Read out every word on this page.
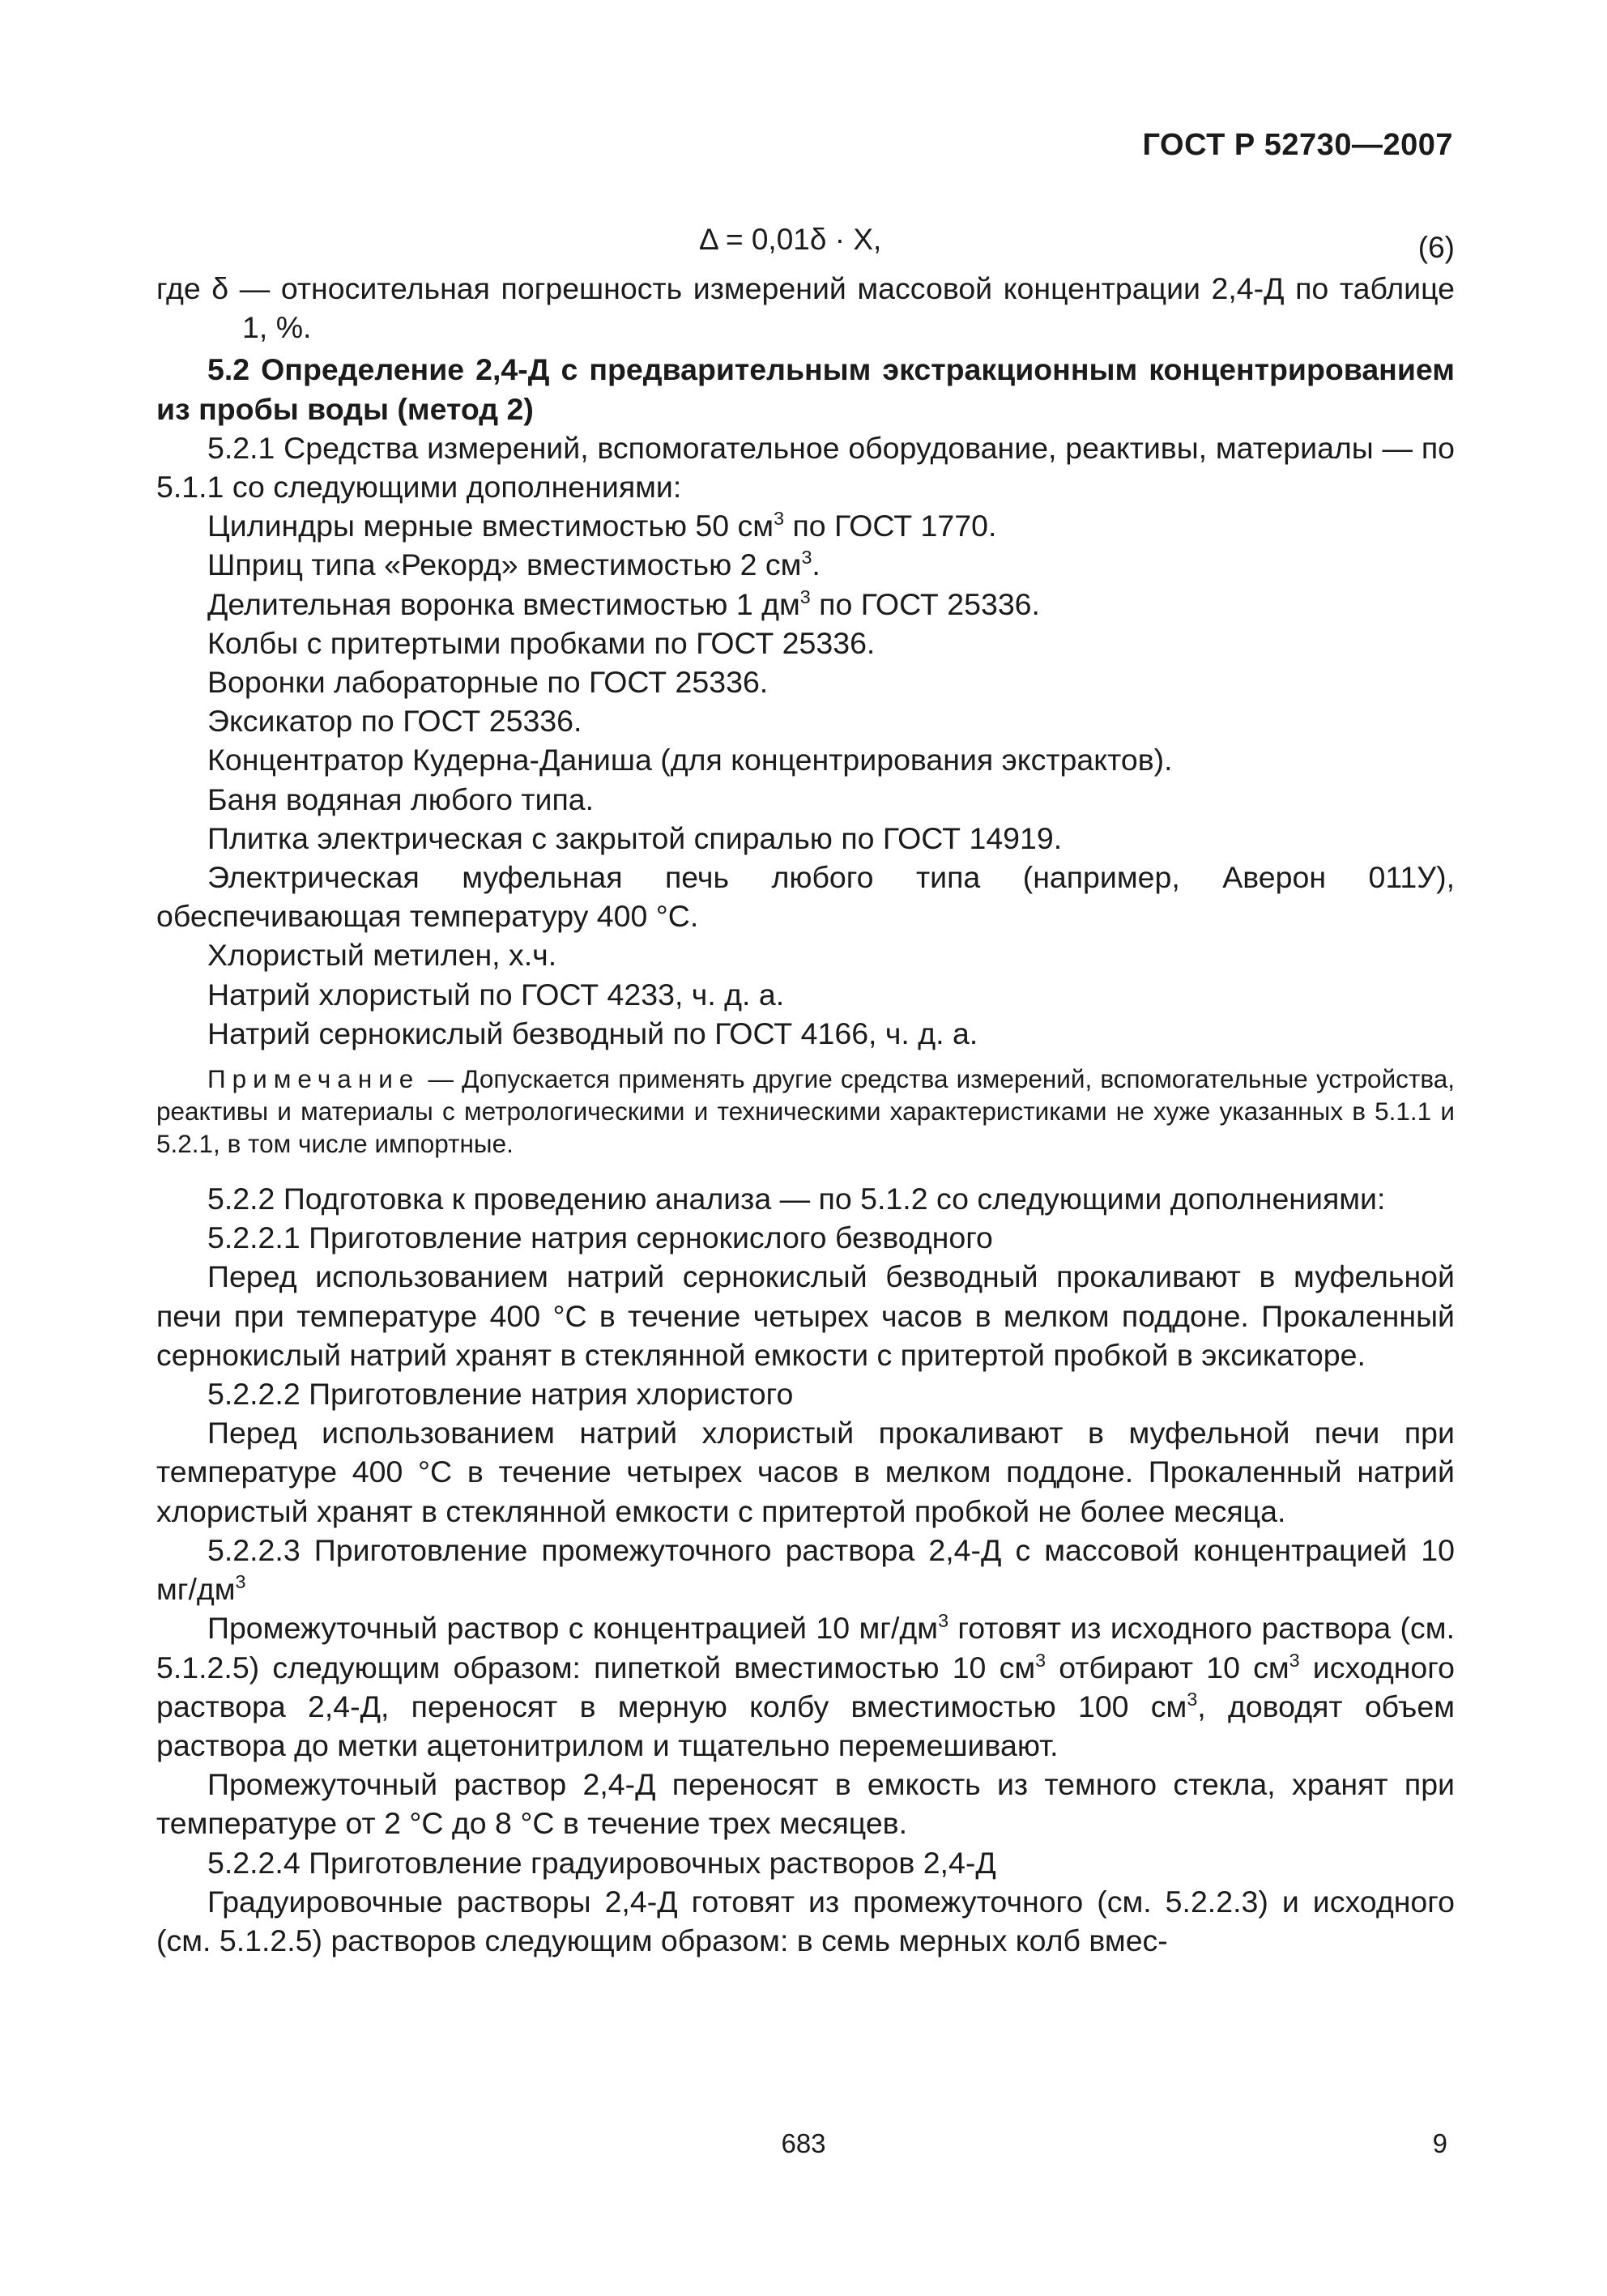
ГОСТ Р 52730—2007
Δ = 0,01δ · X,	(6)

где δ — относительная погрешность измерений массовой концентрации 2,4-Д по таблице 1, %.

5.2 Определение 2,4-Д с предварительным экстракционным концентрированием из пробы воды (метод 2)

5.2.1 Средства измерений, вспомогательное оборудование, реактивы, материалы — по 5.1.1 со следующими дополнениями:

Цилиндры мерные вместимостью 50 $см^3$ по ГОСТ 1770.

Шприц типа «Рекорд» вместимостью 2 $см^3$.

Делительная воронка вместимостью 1 $дм^3$ по ГОСТ 25336.

Колбы с притертыми пробками по ГОСТ 25336.

Воронки лабораторные по ГОСТ 25336.

Эксикатор по ГОСТ 25336.

Концентратор Кудерна-Даниша (для концентрирования экстрактов).

Баня водяная любого типа.

Плитка электрическая с закрытой спиралью по ГОСТ 14919.

Электрическая муфельная печь любого типа (например, Аверон 011У), обеспечивающая температуру 400 °С.

Хлористый метилен, х.ч.

Натрий хлористый по ГОСТ 4233, ч. д. а.

Натрий сернокислый безводный по ГОСТ 4166, ч. д. а.

Примечание — Допускается применять другие средства измерений, вспомогательные устройства, реактивы и материалы с метрологическими и техническими характеристиками не хуже указанных в 5.1.1 и 5.2.1, в том числе импортные.

5.2.2 Подготовка к проведению анализа — по 5.1.2 со следующими дополнениями:

5.2.2.1 Приготовление натрия сернокислого безводного

Перед использованием натрий сернокислый безводный прокаливают в муфельной печи при температуре 400 °С в течение четырех часов в мелком поддоне. Прокаленный сернокислый натрий хранят в стеклянной емкости с притертой пробкой в эксикаторе.

5.2.2.2 Приготовление натрия хлористого

Перед использованием натрий хлористый прокаливают в муфельной печи при температуре 400 °С в течение четырех часов в мелком поддоне. Прокаленный натрий хлористый хранят в стеклянной емкости с притертой пробкой не более месяца.

5.2.2.3 Приготовление промежуточного раствора 2,4-Д с массовой концентрацией 10 $мг/дм^3$

Промежуточный раствор с концентрацией 10 $мг/дм^3$ готовят из исходного раствора (см. 5.1.2.5) следующим образом: пипеткой вместимостью 10 $см^3$ отбирают 10 $см^3$ исходного раствора 2,4-Д, переносят в мерную колбу вместимостью 100 $см^3$, доводят объем раствора до метки ацетонитрилом и тщательно перемешивают.

Промежуточный раствор 2,4-Д переносят в емкость из темного стекла, хранят при температуре от 2 °С до 8 °С в течение трех месяцев.

5.2.2.4 Приготовление градуировочных растворов 2,4-Д

Градуировочные растворы 2,4-Д готовят из промежуточного (см. 5.2.2.3) и исходного (см. 5.1.2.5) растворов следующим образом: в семь мерных колб вмес-

683	9
